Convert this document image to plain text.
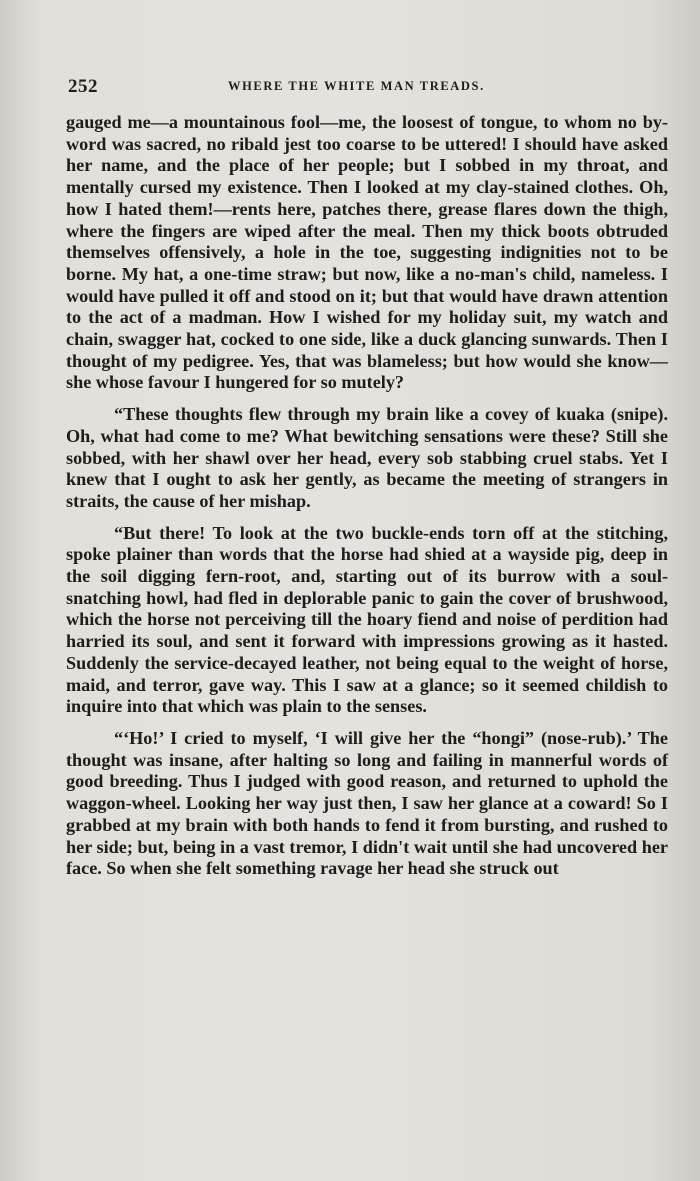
252	WHERE THE WHITE MAN TREADS.

gauged me—a mountainous fool—me, the loosest of tongue, to whom no by-word was sacred, no ribald jest too coarse to be uttered! I should have asked her name, and the place of her people; but I sobbed in my throat, and mentally cursed my existence. Then I looked at my clay-stained clothes. Oh, how I hated them!—rents here, patches there, grease flares down the thigh, where the fingers are wiped after the meal. Then my thick boots obtruded themselves offensively, a hole in the toe, suggesting indignities not to be borne. My hat, a one-time straw; but now, like a no-man's child, nameless. I would have pulled it off and stood on it; but that would have drawn attention to the act of a madman. How I wished for my holiday suit, my watch and chain, swagger hat, cocked to one side, like a duck glancing sunwards. Then I thought of my pedigree. Yes, that was blameless; but how would she know—she whose favour I hungered for so mutely?

“These thoughts flew through my brain like a covey of kuaka (snipe). Oh, what had come to me? What bewitching sensations were these? Still she sobbed, with her shawl over her head, every sob stabbing cruel stabs. Yet I knew that I ought to ask her gently, as became the meeting of strangers in straits, the cause of her mishap.

“But there! To look at the two buckle-ends torn off at the stitching, spoke plainer than words that the horse had shied at a wayside pig, deep in the soil digging fern-root, and, starting out of its burrow with a soul-snatching howl, had fled in deplorable panic to gain the cover of brushwood, which the horse not perceiving till the hoary fiend and noise of perdition had harried its soul, and sent it forward with impressions growing as it hasted. Suddenly the service-decayed leather, not being equal to the weight of horse, maid, and terror, gave way. This I saw at a glance; so it seemed childish to inquire into that which was plain to the senses.

“‘Ho!’ I cried to myself, ‘I will give her the “hongi” (nose-rub).’ The thought was insane, after halting so long and failing in mannerful words of good breeding. Thus I judged with good reason, and returned to uphold the waggon-wheel. Looking her way just then, I saw her glance at a coward! So I grabbed at my brain with both hands to fend it from bursting, and rushed to her side; but, being in a vast tremor, I didn't wait until she had uncovered her face. So when she felt something ravage her head she struck out
